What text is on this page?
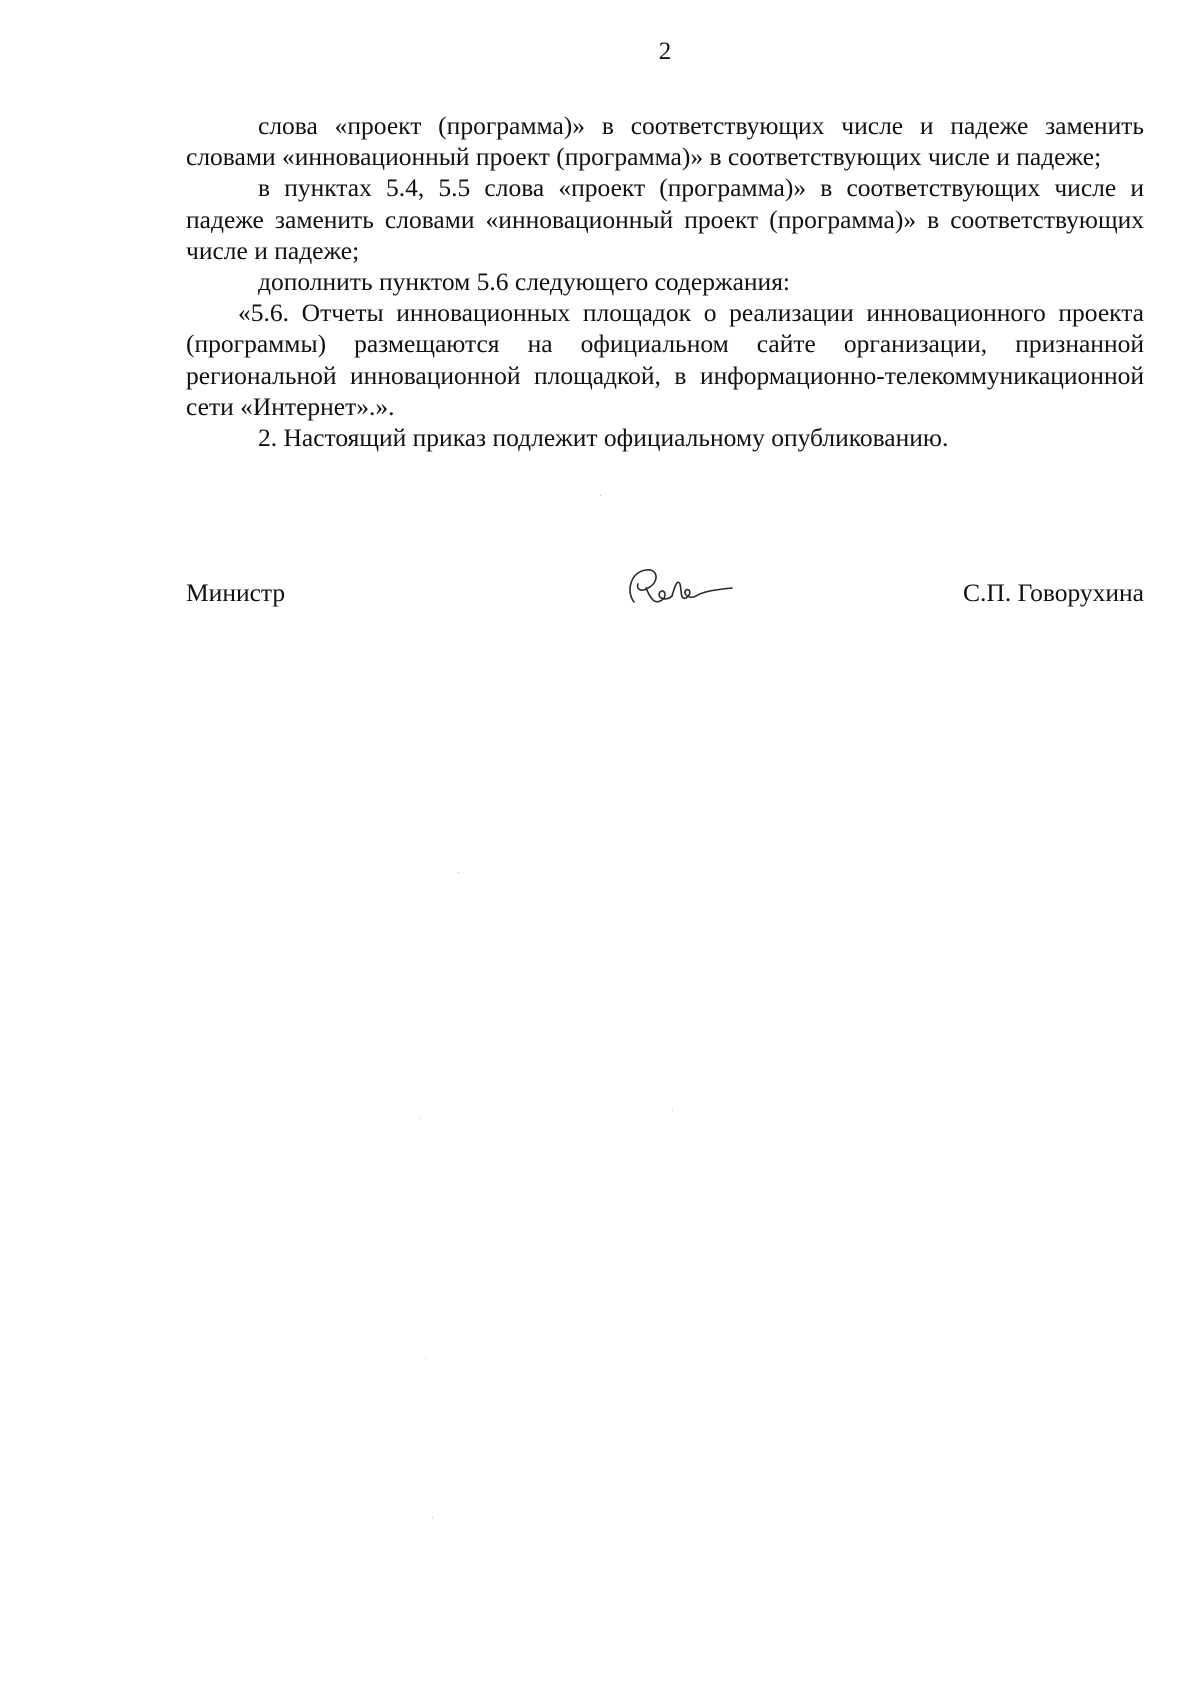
2

слова «проект (программа)» в соответствующих числе и падеже заменить словами «инновационный проект (программа)» в соответствующих числе и падеже;

в пунктах 5.4, 5.5 слова «проект (программа)» в соответствующих числе и падеже заменить словами «инновационный проект (программа)» в соответствующих числе и падеже;

дополнить пунктом 5.6 следующего содержания:

«5.6. Отчеты инновационных площадок о реализации инновационного проекта (программы) размещаются на официальном сайте организации, признанной региональной инновационной площадкой, в информационно-телекоммуникационной сети «Интернет».».

2. Настоящий приказ подлежит официальному опубликованию.

Министр	С.П. Говорухина
